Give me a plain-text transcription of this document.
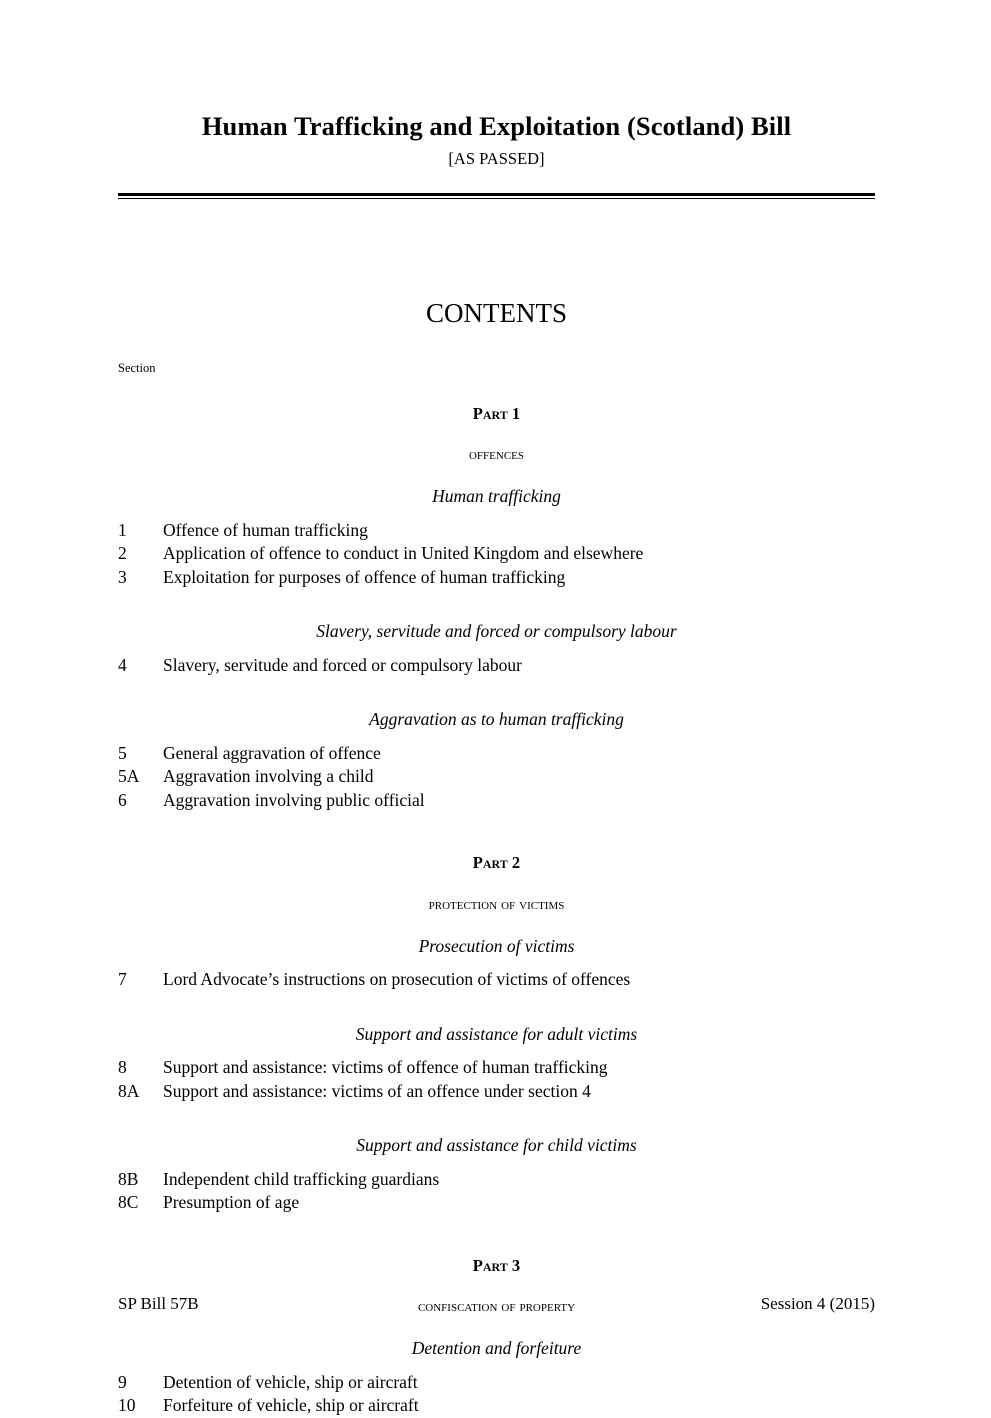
Human Trafficking and Exploitation (Scotland) Bill
[AS PASSED]
CONTENTS
Section
Part 1
offences
Human trafficking
1	Offence of human trafficking
2	Application of offence to conduct in United Kingdom and elsewhere
3	Exploitation for purposes of offence of human trafficking
Slavery, servitude and forced or compulsory labour
4	Slavery, servitude and forced or compulsory labour
Aggravation as to human trafficking
5	General aggravation of offence
5A	Aggravation involving a child
6	Aggravation involving public official
Part 2
protection of victims
Prosecution of victims
7	Lord Advocate’s instructions on prosecution of victims of offences
Support and assistance for adult victims
8	Support and assistance: victims of offence of human trafficking
8A	Support and assistance: victims of an offence under section 4
Support and assistance for child victims
8B	Independent child trafficking guardians
8C	Presumption of age
Part 3
confiscation of property
Detention and forfeiture
9	Detention of vehicle, ship or aircraft
10	Forfeiture of vehicle, ship or aircraft
SP Bill 57B	Session 4 (2015)
